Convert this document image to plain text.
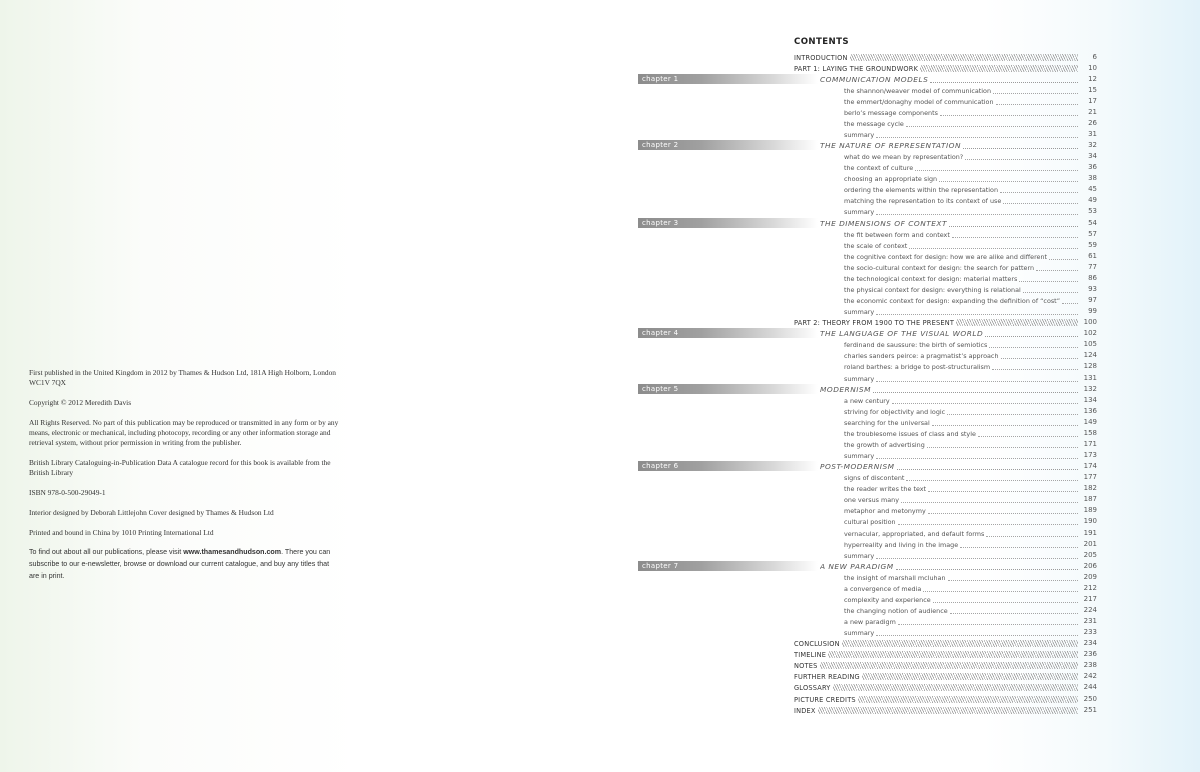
First published in the United Kingdom in 2012 by Thames & Hudson Ltd, 181A High Holborn, London WC1V 7QX

Copyright © 2012 Meredith Davis

All Rights Reserved. No part of this publication may be reproduced or transmitted in any form or by any means, electronic or mechanical, including photocopy, recording or any other information storage and retrieval system, without prior permission in writing from the publisher.

British Library Cataloguing-in-Publication Data A catalogue record for this book is available from the British Library

ISBN 978-0-500-29049-1

Interior designed by Deborah Littlejohn Cover designed by Thames & Hudson Ltd

Printed and bound in China by 1010 Printing International Ltd

To find out about all our publications, please visit www.thamesandhudson.com. There you can subscribe to our e-newsletter, browse or download our current catalogue, and buy any titles that are in print.

CONTENTS
INTRODUCTION	6
PART 1: LAYING THE GROUNDWORK	10
chapter 1	COMMUNICATION MODELS	12
the shannon/weaver model of communication	15
the emmert/donaghy model of communication	17
berlo’s message components	21
the message cycle	26
summary	31
chapter 2	THE NATURE OF REPRESENTATION	32
what do we mean by representation?	34
the context of culture	36
choosing an appropriate sign	38
ordering the elements within the representation	45
matching the representation to its context of use	49
summary	53
chapter 3	THE DIMENSIONS OF CONTEXT	54
the fit between form and context	57
the scale of context	59
the cognitive context for design: how we are alike and different	61
the socio-cultural context for design: the search for pattern	77
the technological context for design: material matters	86
the physical context for design: everything is relational	93
the economic context for design: expanding the definition of “cost”	97
summary	99
PART 2: THEORY FROM 1900 TO THE PRESENT	100
chapter 4	THE LANGUAGE OF THE VISUAL WORLD	102
ferdinand de saussure: the birth of semiotics	105
charles sanders peirce: a pragmatist’s approach	124
roland barthes: a bridge to post-structuralism	128
summary	131
chapter 5	MODERNISM	132
a new century	134
striving for objectivity and logic	136
searching for the universal	149
the troublesome issues of class and style	158
the growth of advertising	171
summary	173
chapter 6	POST-MODERNISM	174
signs of discontent	177
the reader writes the text	182
one versus many	187
metaphor and metonymy	189
cultural position	190
vernacular, appropriated, and default forms	191
hyperreality and living in the image	201
summary	205
chapter 7	A NEW PARADIGM	206
the insight of marshall mcluhan	209
a convergence of media	212
complexity and experience	217
the changing notion of audience	224
a new paradigm	231
summary	233
CONCLUSION	234
TIMELINE	236
NOTES	238
FURTHER READING	242
GLOSSARY	244
PICTURE CREDITS	250
INDEX	251
